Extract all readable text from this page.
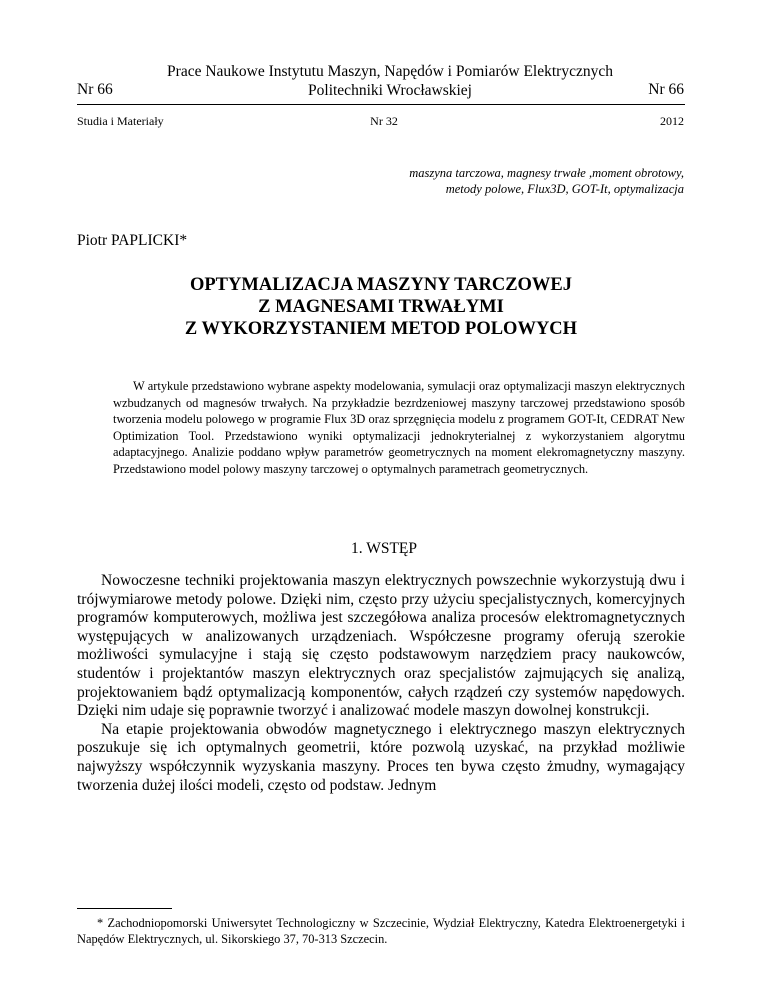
Prace Naukowe Instytutu Maszyn, Napędów i Pomiarów Elektrycznych
Nr 66	Politechniki Wrocławskiej	Nr 66
Studia i Materiały	Nr 32	2012
maszyna tarczowa, magnesy trwałe ,moment obrotowy,
metody polowe, Flux3D, GOT-It, optymalizacja
Piotr PAPLICKI*
OPTYMALIZACJA MASZYNY TARCZOWEJ
Z MAGNESAMI TRWAŁYMI
Z WYKORZYSTANIEM METOD POLOWYCH

W artykule przedstawiono wybrane aspekty modelowania, symulacji oraz optymalizacji maszyn elektrycznych wzbudzanych od magnesów trwałych. Na przykładzie bezrdzeniowej maszyny tarczowej przedstawiono sposób tworzenia modelu polowego w programie Flux 3D oraz sprzęgnięcia modelu z programem GOT-It, CEDRAT New Optimization Tool. Przedstawiono wyniki optymalizacji jednokryterialnej z wykorzystaniem algorytmu adaptacyjnego. Analizie poddano wpływ parametrów geometrycznych na moment elekromagnetyczny maszyny. Przedstawiono model polowy maszyny tarczowej o optymalnych parametrach geometrycznych.

1. WSTĘP

Nowoczesne techniki projektowania maszyn elektrycznych powszechnie wykorzystują dwu i trójwymiarowe metody polowe. Dzięki nim, często przy użyciu specjalistycznych, komercyjnych programów komputerowych, możliwa jest szczegółowa analiza procesów elektromagnetycznych występujących w analizowanych urządzeniach. Współczesne programy oferują szerokie możliwości symulacyjne i stają się często podstawowym narzędziem pracy naukowców, studentów i projektantów maszyn elektrycznych oraz specjalistów zajmujących się analizą, projektowaniem bądź optymalizacją komponentów, całych rządzeń czy systemów napędowych. Dzięki nim udaje się poprawnie tworzyć i analizować modele maszyn dowolnej konstrukcji.

Na etapie projektowania obwodów magnetycznego i elektrycznego maszyn elektrycznych poszukuje się ich optymalnych geometrii, które pozwolą uzyskać, na przykład możliwie najwyższy współczynnik wyzyskania maszyny. Proces ten bywa często żmudny, wymagający tworzenia dużej ilości modeli, często od podstaw. Jednym

* Zachodniopomorski Uniwersytet Technologiczny w Szczecinie, Wydział Elektryczny, Katedra Elektroenergetyki i Napędów Elektrycznych, ul. Sikorskiego 37, 70-313 Szczecin.
